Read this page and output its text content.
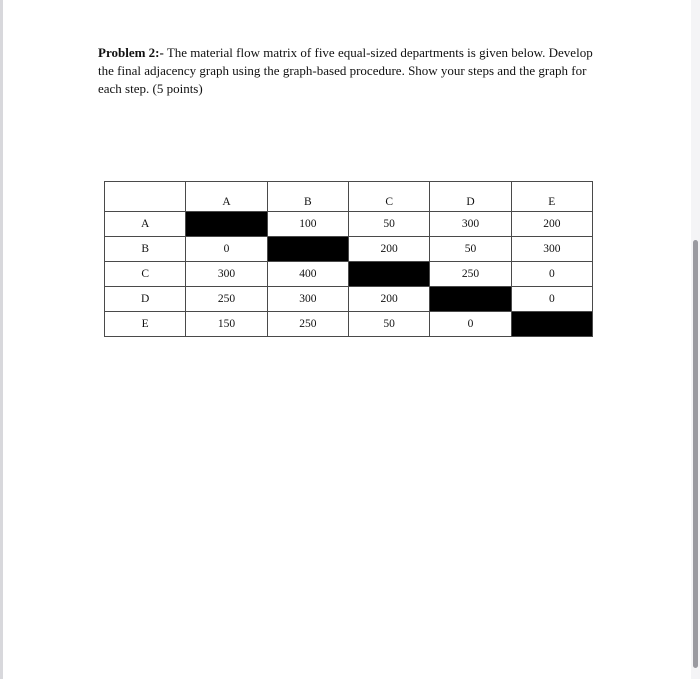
Problem 2:- The material flow matrix of five equal-sized departments is given below. Develop the final adjacency graph using the graph-based procedure. Show your steps and the graph for each step. (5 points)

	A	B	C	D	E
A		100	50	300	200
B	0		200	50	300
C	300	400		250	0
D	250	300	200		0
E	150	250	50	0	
